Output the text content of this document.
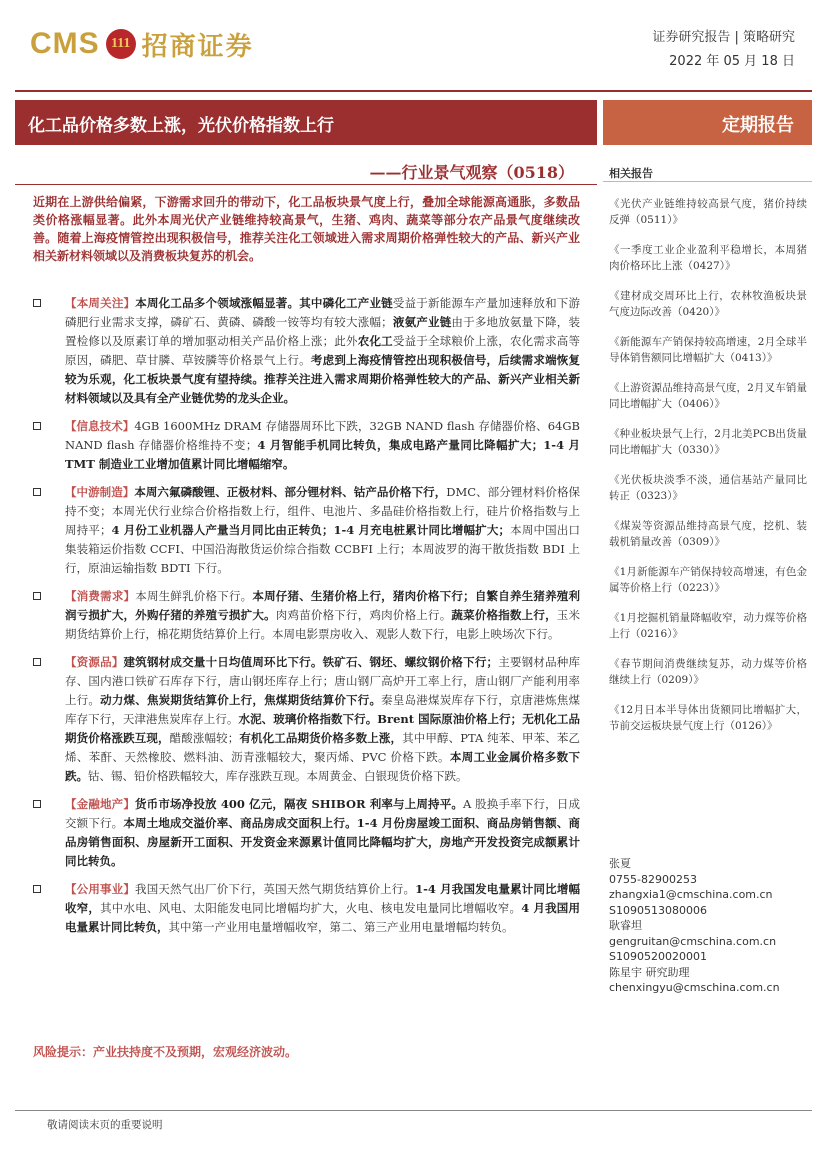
CMS 111 招商证券	证券研究报告 | 策略研究
2022 年 05 月 18 日
化工品价格多数上涨，光伏价格指数上行	定期报告
——行业景气观察（0518）
近期在上游供给偏紧，下游需求回升的带动下，化工品板块景气度上行，叠加全球能源高通胀，多数品类价格涨幅显著。此外本周光伏产业链维持较高景气，生猪、鸡肉、蔬菜等部分农产品景气度继续改善。随着上海疫情管控出现积极信号，推荐关注化工领域进入需求周期价格弹性较大的产品、新兴产业相关新材料领域以及消费板块复苏的机会。
【本周关注】本周化工品多个领域涨幅显著。其中磷化工产业链受益于新能源车产量加速释放和下游磷肥行业需求支撑，磷矿石、黄磷、磷酸一铵等均有较大涨幅；液氨产业链由于多地放氨量下降，装置检修以及原素订单的增加驱动相关产品价格上涨；此外农化工受益于全球粮价上涨，农化需求高等原因，磷肥、草甘膦、草铵膦等价格景气上行。考虑到上海疫情管控出现积极信号，后续需求端恢复较为乐观，化工板块景气度有望持续。推荐关注进入需求周期价格弹性较大的产品、新兴产业相关新材料领域以及具有全产业链优势的龙头企业。
【信息技术】4GB 1600MHz DRAM 存储器周环比下跌，32GB NAND flash 存储器价格、64GB NAND flash 存储器价格维持不变；4 月智能手机同比转负，集成电路产量同比降幅扩大；1-4 月 TMT 制造业工业增加值累计同比增幅缩窄。
【中游制造】本周六氟磷酸锂、正极材料、部分锂材料、钴产品价格下行，DMC、部分锂材料价格保持不变；本周光伏行业综合价格指数上行，组件、电池片、多晶硅价格指数上行，硅片价格指数与上周持平；4 月份工业机器人产量当月同比由正转负；1-4 月充电桩累计同比增幅扩大；本周中国出口集装箱运价指数 CCFI、中国沿海散货运价综合指数 CCBFI 上行；本周波罗的海干散货指数 BDI 上行，原油运输指数 BDTI 下行。
【消费需求】本周生鲜乳价格下行。本周仔猪、生猪价格上行，猪肉价格下行；自繁自养生猪养殖利润亏损扩大，外购仔猪的养殖亏损扩大。肉鸡苗价格下行，鸡肉价格上行。蔬菜价格指数上行，玉米期货结算价上行，棉花期货结算价上行。本周电影票房收入、观影人数下行，电影上映场次下行。
【资源品】建筑钢材成交量十日均值周环比下行。铁矿石、钢坯、螺纹钢价格下行；主要钢材品种库存、国内港口铁矿石库存下行，唐山钢坯库存上行；唐山钢厂高炉开工率上行，唐山钢厂产能利用率上行。动力煤、焦炭期货结算价上行，焦煤期货结算价下行。秦皇岛港煤炭库存下行，京唐港炼焦煤库存下行，天津港焦炭库存上行。水泥、玻璃价格指数下行。Brent 国际原油价格上行；无机化工品期货价格涨跌互现，醋酸涨幅较；有机化工品期货价格多数上涨，其中甲醇、PTA 纯苯、甲苯、苯乙烯、苯酐、天然橡胶、燃料油、沥青涨幅较大，聚丙烯、PVC 价格下跌。本周工业金属价格多数下跌。钴、锡、铅价格跌幅较大，库存涨跌互现。本周黄金、白银现货价格下跌。
【金融地产】货币市场净投放 400 亿元，隔夜 SHIBOR 利率与上周持平。A 股换手率下行，日成交额下行。本周土地成交溢价率、商品房成交面积上行。1-4 月份房屋竣工面积、商品房销售额、商品房销售面积、房屋新开工面积、开发资金来源累计值同比降幅均扩大，房地产开发投资完成额累计同比转负。
【公用事业】我国天然气出厂价下行，英国天然气期货结算价上行。1-4 月我国发电量累计同比增幅收窄，其中水电、风电、太阳能发电同比增幅均扩大，火电、核电发电量同比增幅收窄。4 月我国用电量累计同比转负，其中第一产业用电量增幅收窄，第二、第三产业用电量增幅均转负。
风险提示：产业扶持度不及预期，宏观经济波动。
相关报告
《光伏产业链维持较高景气度，猪价持续反弹（0511）》
《一季度工业企业盈利平稳增长，本周猪肉价格环比上涨（0427）》
《建材成交周环比上行，农林牧渔板块景气度边际改善（0420）》
《新能源车产销保持较高增速，2月全球半导体销售额同比增幅扩大（0413）》
《上游资源品维持高景气度，2月叉车销量同比增幅扩大（0406）》
《种业板块景气上行，2月北美PCB出货量同比增幅扩大（0330）》
《光伏板块淡季不淡，通信基站产量同比转正（0323）》
《煤炭等资源品维持高景气度，挖机、装载机销量改善（0309）》
《1月新能源车产销保持较高增速，有色金属等价格上行（0223）》
《1月挖掘机销量降幅收窄，动力煤等价格上行（0216）》
《春节期间消费继续复苏，动力煤等价格继续上行（0209）》
《12月日本半导体出货额同比增幅扩大，节前交运板块景气度上行（0126）》
张夏
0755-82900253
zhangxia1@cmschina.com.cn
S1090513080006
耿睿坦
gengruitan@cmschina.com.cn
S1090520020001
陈星宇 研究助理
chenxingyu@cmschina.com.cn
敬请阅读末页的重要说明
